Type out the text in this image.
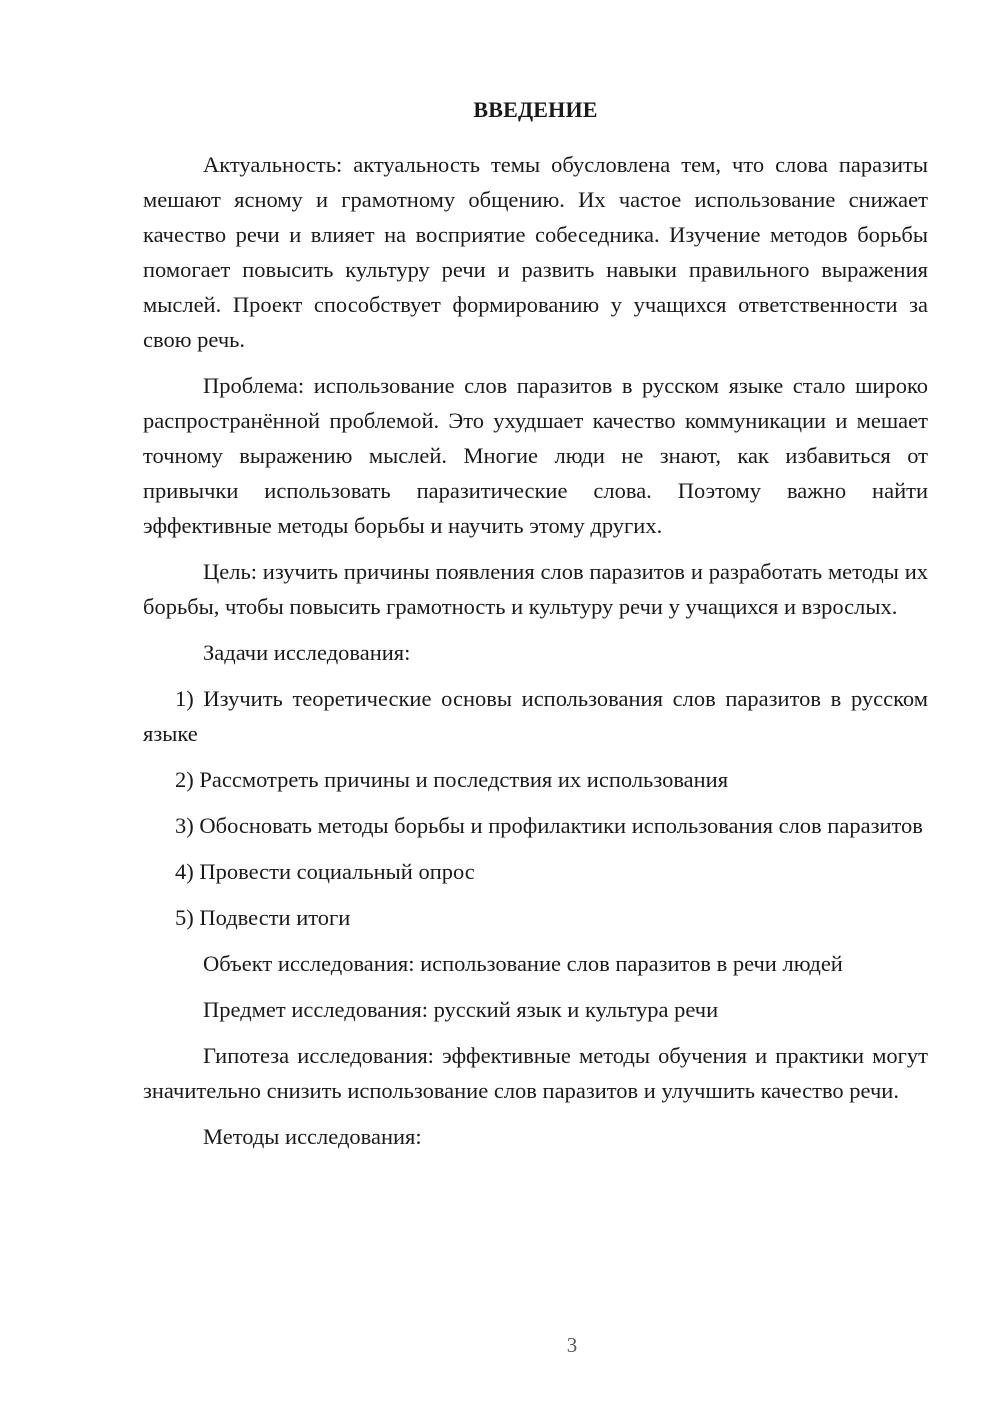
ВВЕДЕНИЕ

Актуальность: актуальность темы обусловлена тем, что слова паразиты мешают ясному и грамотному общению. Их частое использование снижает качество речи и влияет на восприятие собеседника. Изучение методов борьбы помогает повысить культуру речи и развить навыки правильного выражения мыслей. Проект способствует формированию у учащихся ответственности за свою речь.

Проблема: использование слов паразитов в русском языке стало широко распространённой проблемой. Это ухудшает качество коммуникации и мешает точному выражению мыслей. Многие люди не знают, как избавиться от привычки использовать паразитические слова. Поэтому важно найти эффективные методы борьбы и научить этому других.

Цель: изучить причины появления слов паразитов и разработать методы их борьбы, чтобы повысить грамотность и культуру речи у учащихся и взрослых.

Задачи исследования:

1) Изучить теоретические основы использования слов паразитов в русском языке

2) Рассмотреть причины и последствия их использования

3) Обосновать методы борьбы и профилактики использования слов паразитов

4) Провести социальный опрос

5) Подвести итоги

Объект исследования: использование слов паразитов в речи людей

Предмет исследования: русский язык и культура речи

Гипотеза исследования: эффективные методы обучения и практики могут значительно снизить использование слов паразитов и улучшить качество речи.

Методы исследования:

3
